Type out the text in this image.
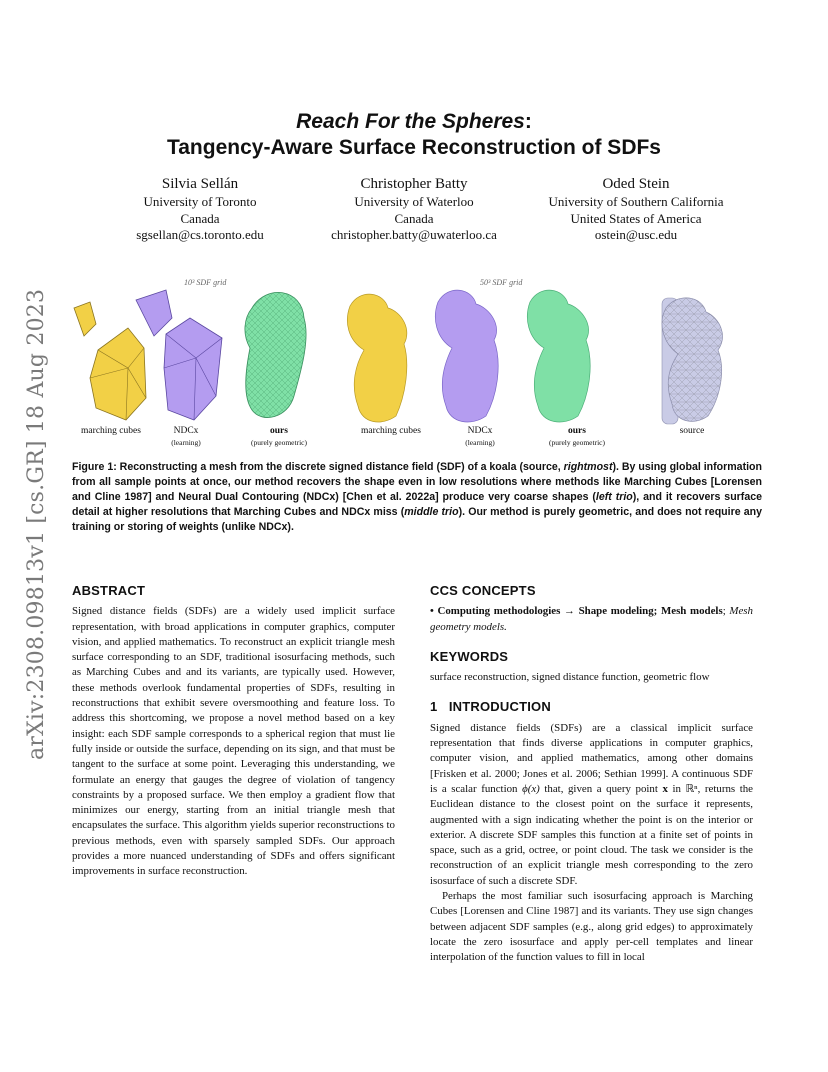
arXiv:2308.09813v1 [cs.GR] 18 Aug 2023
Reach For the Spheres:
Tangency-Aware Surface Reconstruction of SDFs
Silvia Sellán
University of Toronto
Canada
sgsellan@cs.toronto.edu
Christopher Batty
University of Waterloo
Canada
christopher.batty@uwaterloo.ca
Oded Stein
University of Southern California
United States of America
ostein@usc.edu
10³ SDF grid	50³ SDF grid
marching cubes	NDCx
(learning)
ours
(purely geometric)
marching cubes	NDCx
(learning)
ours
(purely geometric)
source
Figure 1: Reconstructing a mesh from the discrete signed distance field (SDF) of a koala (source, rightmost). By using global information from all sample points at once, our method recovers the shape even in low resolutions where methods like Marching Cubes [Lorensen and Cline 1987] and Neural Dual Contouring (NDCx) [Chen et al. 2022a] produce very coarse shapes (left trio), and it recovers surface detail at higher resolutions that Marching Cubes and NDCx miss (middle trio). Our method is purely geometric, and does not require any training or storing of weights (unlike NDCx).
ABSTRACT

Signed distance fields (SDFs) are a widely used implicit surface representation, with broad applications in computer graphics, computer vision, and applied mathematics. To reconstruct an explicit triangle mesh surface corresponding to an SDF, traditional isosurfacing methods, such as Marching Cubes and and its variants, are typically used. However, these methods overlook fundamental properties of SDFs, resulting in reconstructions that exhibit severe oversmoothing and feature loss. To address this shortcoming, we propose a novel method based on a key insight: each SDF sample corresponds to a spherical region that must lie fully inside or outside the surface, depending on its sign, and that must be tangent to the surface at some point. Leveraging this understanding, we formulate an energy that gauges the degree of violation of tangency constraints by a proposed surface. We then employ a gradient flow that minimizes our energy, starting from an initial triangle mesh that encapsulates the surface. This algorithm yields superior reconstructions to previous methods, even with sparsely sampled SDFs. Our approach provides a more nuanced understanding of SDFs and offers significant improvements in surface reconstruction.

CCS CONCEPTS

• Computing methodologies → Shape modeling; Mesh models; Mesh geometry models.

KEYWORDS

surface reconstruction, signed distance function, geometric flow

1   INTRODUCTION

Signed distance fields (SDFs) are a classical implicit surface representation that finds diverse applications in computer graphics, computer vision, and applied mathematics, among other domains [Frisken et al. 2000; Jones et al. 2006; Sethian 1999]. A continuous SDF is a scalar function ϕ(x) that, given a query point x in ℝⁿ, returns the Euclidean distance to the closest point on the surface it represents, augmented with a sign indicating whether the point is on the interior or exterior. A discrete SDF samples this function at a finite set of points in space, such as a grid, octree, or point cloud. The task we consider is the reconstruction of an explicit triangle mesh corresponding to the zero isosurface of such a discrete SDF.

Perhaps the most familiar such isosurfacing approach is Marching Cubes [Lorensen and Cline 1987] and its variants. They use sign changes between adjacent SDF samples (e.g., along grid edges) to approximately locate the zero isosurface and apply per-cell templates and linear interpolation of the function values to fill in local
